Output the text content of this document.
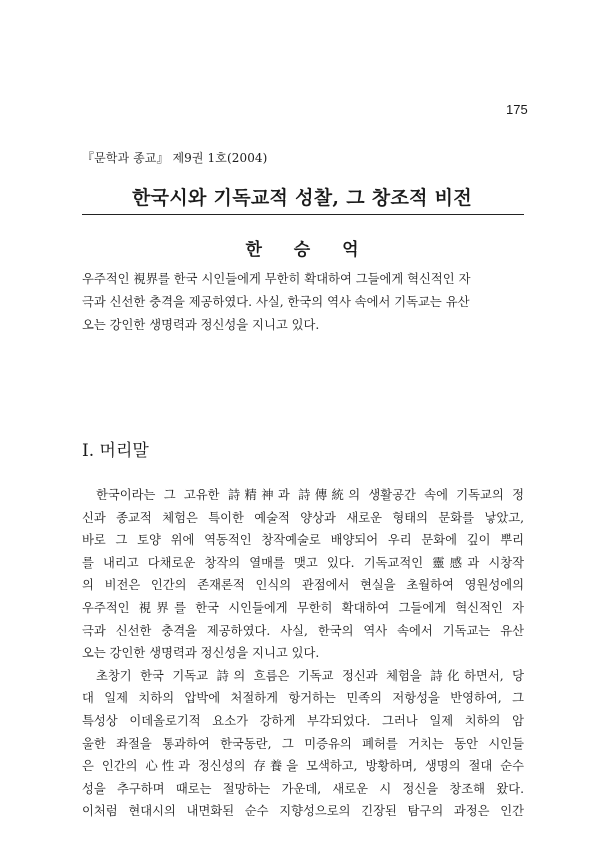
175
『문학과 종교』 제9권 1호(2004)
한국시와 기독교적 성찰, 그 창조적 비전
한 승 억
우주적인 視界를 한국 시인들에게 무한히 확대하여 그들에게 혁신적인 자
극과 신선한 충격을 제공하였다. 사실, 한국의 역사 속에서 기독교는 유산
오는 강인한 생명력과 정신성을 지니고 있다.
I. 머리말
한국이라는 그 고유한 詩精神과 詩傳統의 생활공간 속에 기독교의 정
신과 종교적 체험은 특이한 예술적 양상과 새로운 형태의 문화를 낳았고,
바로 그 토양 위에 역동적인 창작예술로 배양되어 우리 문화에 깊이 뿌리
를 내리고 다채로운 창작의 열매를 맺고 있다. 기독교적인 靈感과 시창작
의 비전은 인간의 존재론적 인식의 관점에서 현실을 초월하여 영원성에의
우주적인 視界를 한국 시인들에게 무한히 확대하여 그들에게 혁신적인 자
극과 신선한 충격을 제공하였다. 사실, 한국의 역사 속에서 기독교는 유산
오는 강인한 생명력과 정신성을 지니고 있다.
초창기 한국 기독교 詩의 흐름은 기독교 정신과 체험을 詩化하면서, 당
대 일제 치하의 압박에 처절하게 항거하는 민족의 저항성을 반영하여, 그
특성상 이데올로기적 요소가 강하게 부각되었다. 그러나 일제 치하의 암
울한 좌절을 통과하여 한국동란, 그 미증유의 폐허를 거치는 동안 시인들
은 인간의 心性과 정신성의 存養을 모색하고, 방황하며, 생명의 절대 순수
성을 추구하며 때로는 절망하는 가운데, 새로운 시 정신을 창조해 왔다.
이처럼 현대시의 내면화된 순수 지향성으로의 긴장된 탐구의 과정은 인간
